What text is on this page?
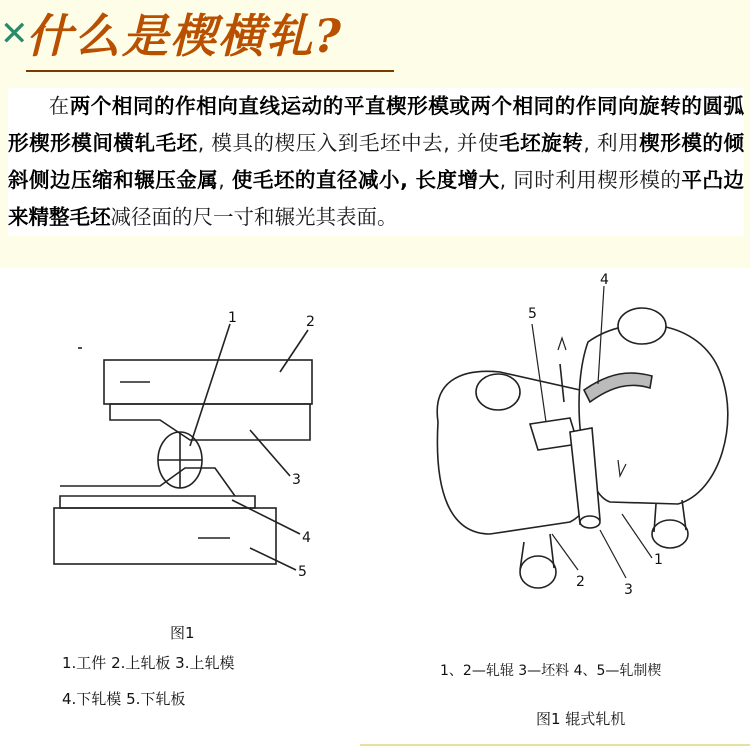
✕
什么是楔横轧?
在两个相同的作相向直线运动的平直楔形模或两个相同的作同向旋转的圆弧形楔形模间横轧毛坯, 模具的楔压入到毛坯中去, 并使毛坯旋转, 利用楔形模的倾斜侧边压缩和辗压金属, 使毛坯的直径减小, 长度增大, 同时利用楔形模的平凸边来精整毛坯减径面的尺一寸和辗光其表面。
1	2
3
4
5
图1
1.工件 2.上轧板 3.上轧模
4.下轧模 5.下轧板
4
5
1
2	3
1、2—轧辊 3—坯料 4、5—轧制楔
图1 辊式轧机
